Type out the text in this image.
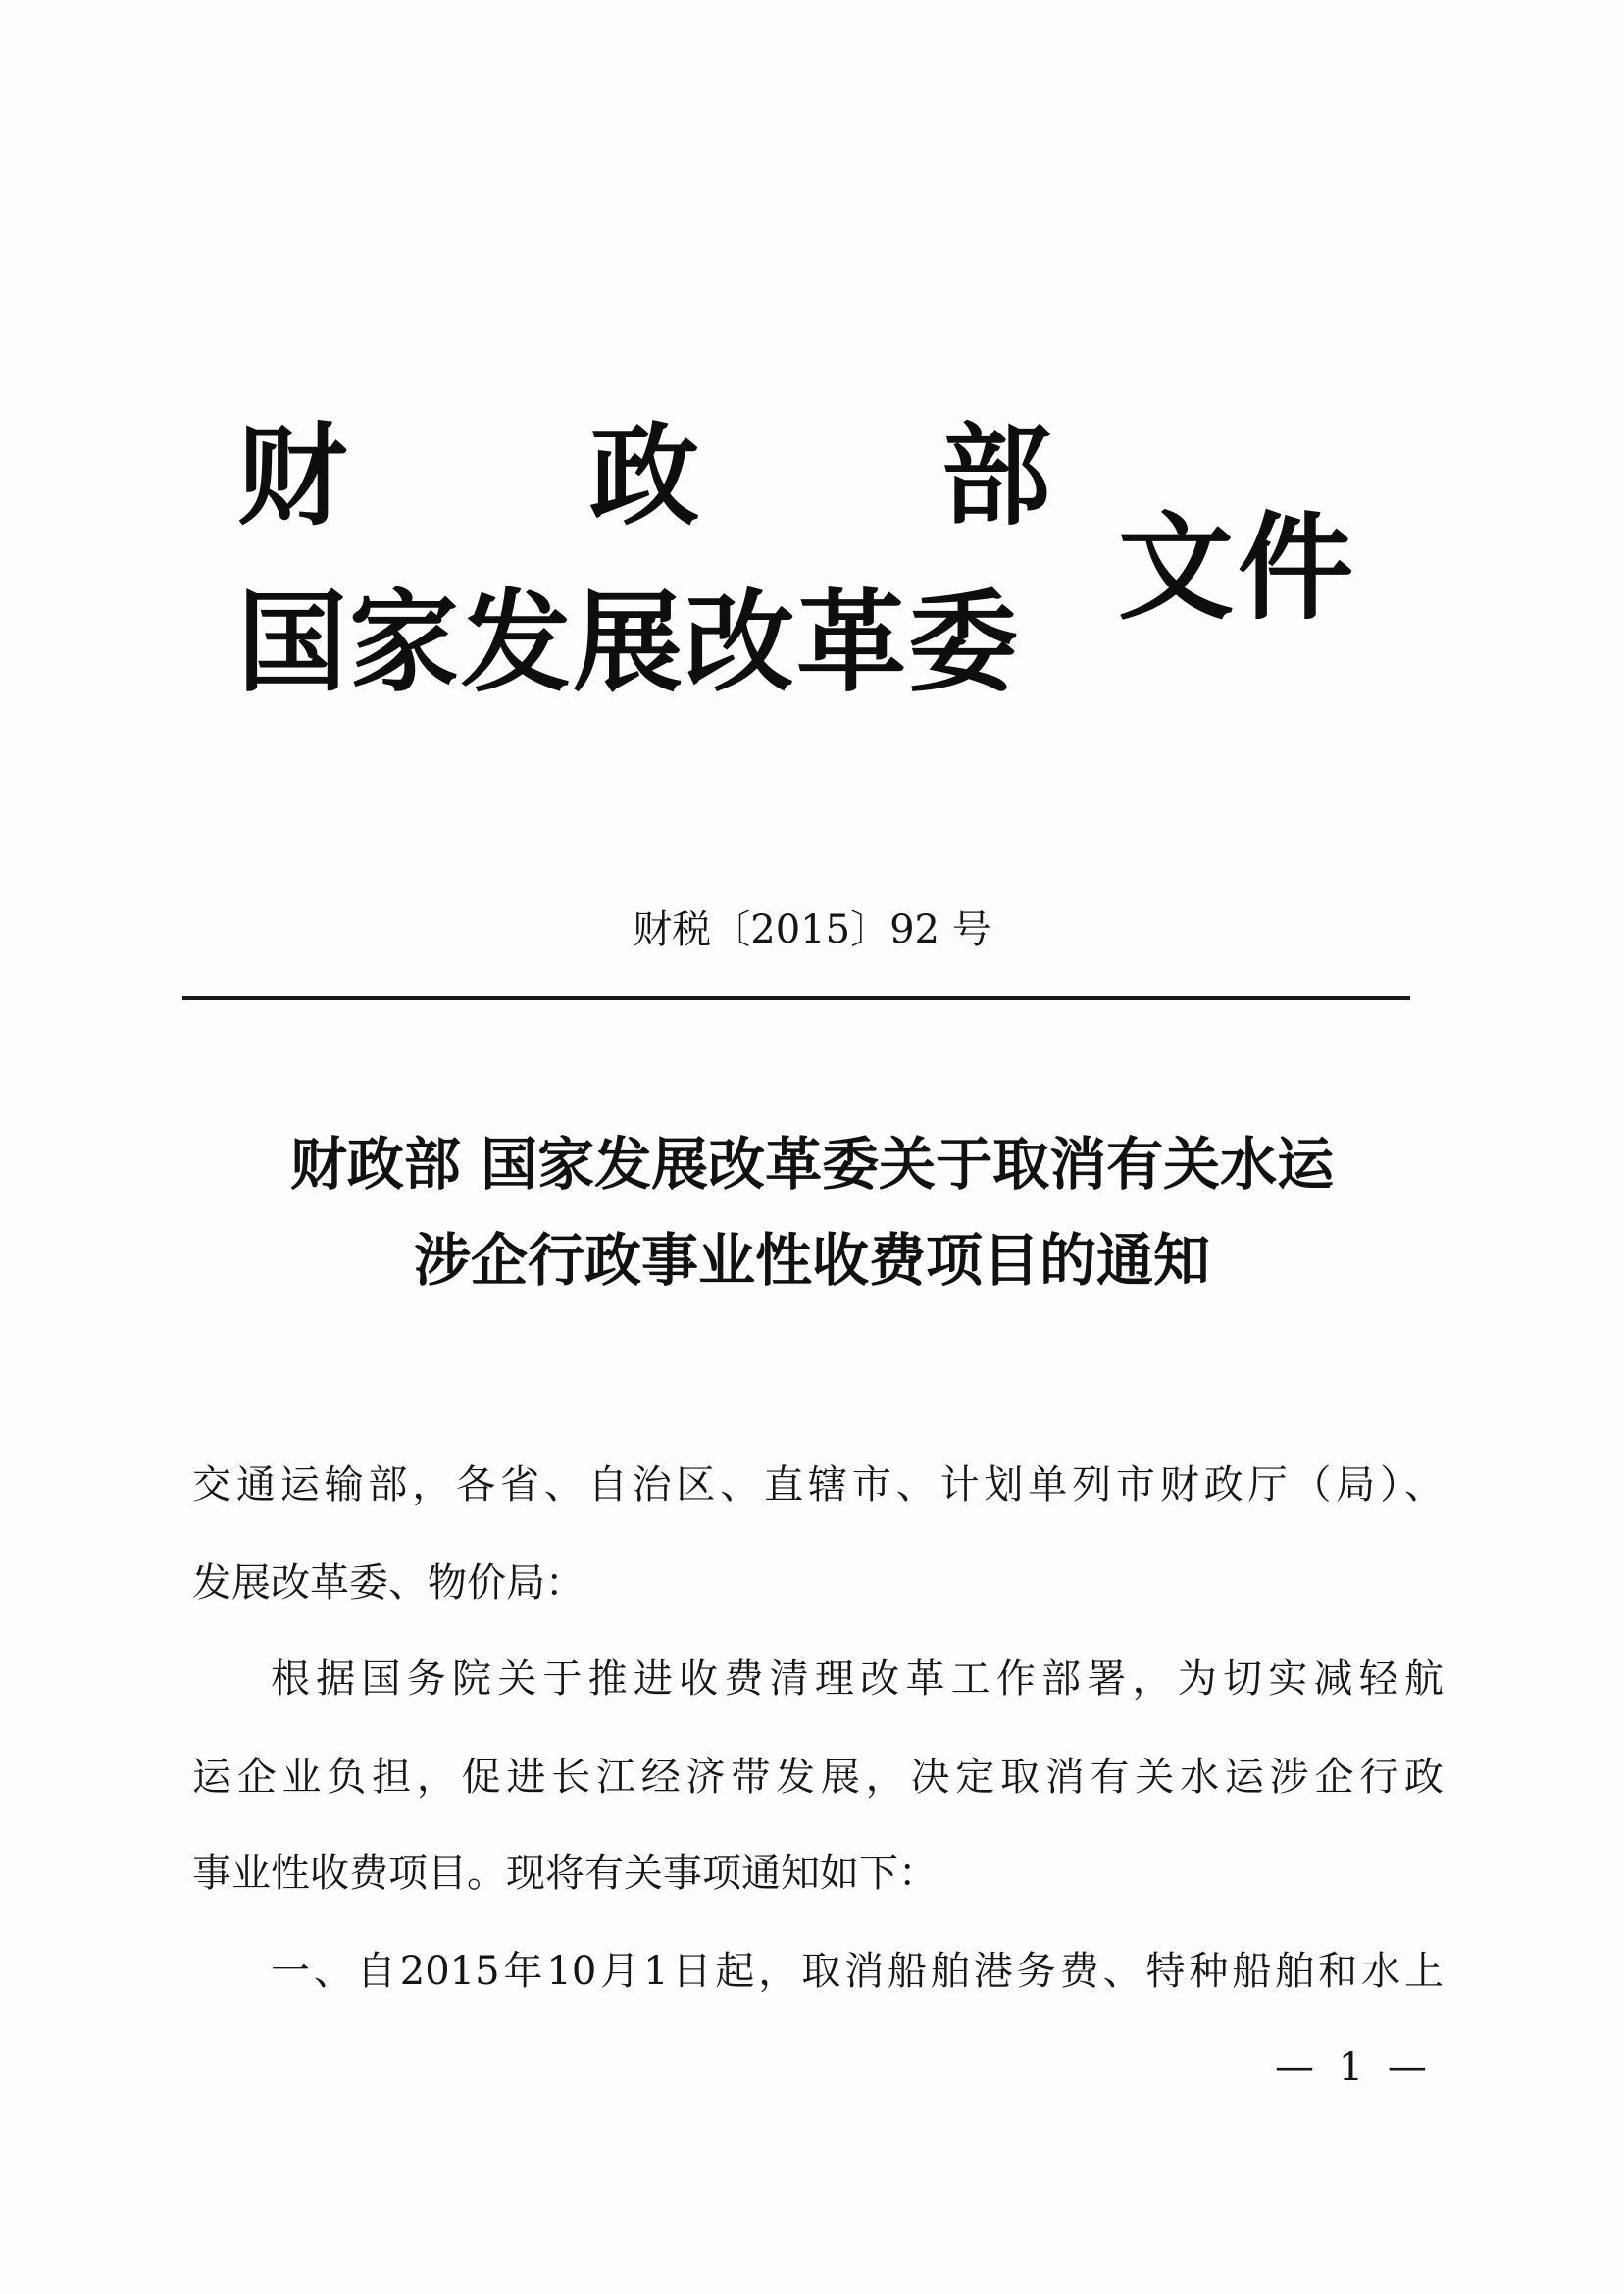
财 政 部
国家发展改革委
文件
财税〔2015〕92 号
财政部 国家发展改革委关于取消有关水运
涉企行政事业性收费项目的通知
交通运输部，各省、自治区、直辖市、计划单列市财政厅（局）、
发展改革委、物价局：
根据国务院关于推进收费清理改革工作部署，为切实减轻航
运企业负担，促进长江经济带发展，决定取消有关水运涉企行政
事业性收费项目。现将有关事项通知如下：
一、自2015年10月1日起，取消船舶港务费、特种船舶和水上
— 1 —
